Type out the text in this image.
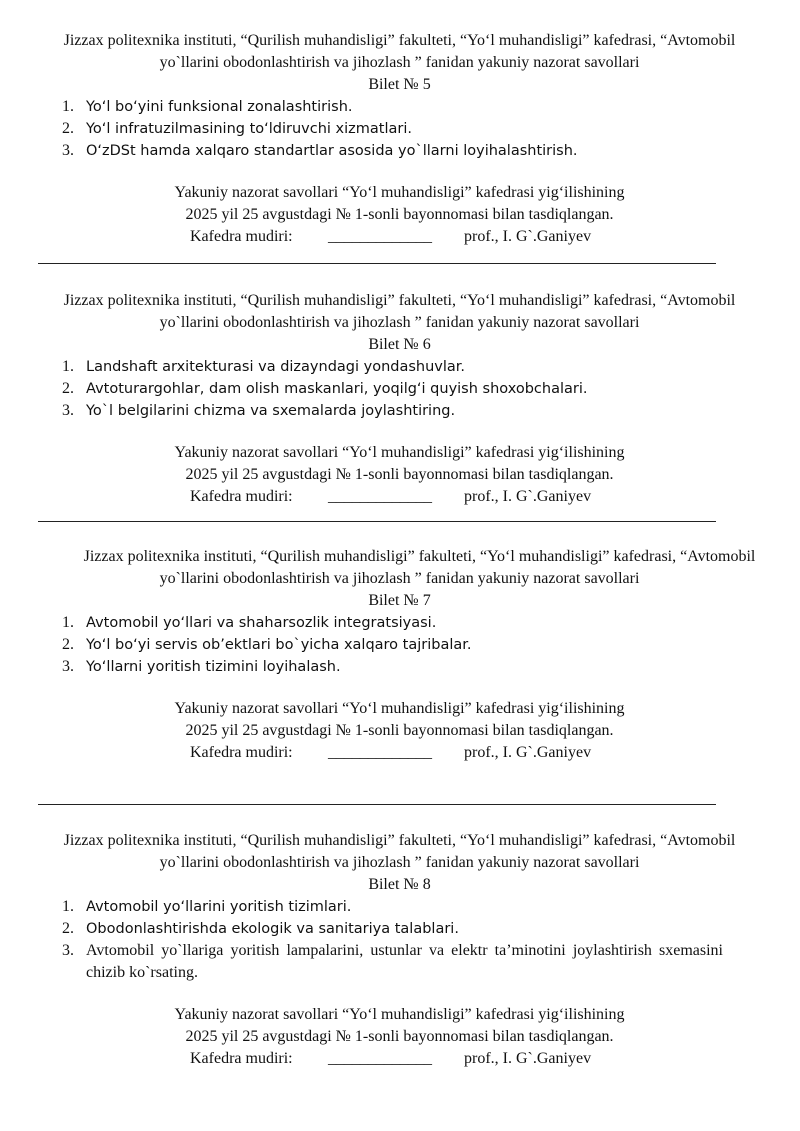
Jizzax politexnika instituti, “Qurilish muhandisligi” fakulteti, “Yo‘l muhandisligi” kafedrasi, “Avtomobil yo`llarini obodonlashtirish va jihozlash ” fanidan yakuniy nazorat savollari

Bilet № 5
1. Yo‘l bo‘yini funksional zonalashtirish.
2. Yo‘l infratuzilmasining to‘ldiruvchi xizmatlari.
3. O‘zDSt hamda xalqaro standartlar asosida yo`llarni loyihalashtirish.
Yakuniy nazorat savollari “Yo‘l muhandisligi” kafedrasi yig‘ilishining
2025 yil 25 avgustdagi № 1-sonli bayonnomasi bilan tasdiqlangan.
Kafedra mudiri: _____________ prof., I. G`.Ganiyev

Jizzax politexnika instituti, “Qurilish muhandisligi” fakulteti, “Yo‘l muhandisligi” kafedrasi, “Avtomobil yo`llarini obodonlashtirish va jihozlash ” fanidan yakuniy nazorat savollari

Bilet № 6
1. Landshaft arxitekturasi va dizayndagi yondashuvlar.
2. Avtoturargohlar, dam olish maskanlari, yoqilg‘i quyish shoxobchalari.
3. Yo`l belgilarini chizma va sxemalarda joylashtiring.
Yakuniy nazorat savollari “Yo‘l muhandisligi” kafedrasi yig‘ilishining
2025 yil 25 avgustdagi № 1-sonli bayonnomasi bilan tasdiqlangan.
Kafedra mudiri: _____________ prof., I. G`.Ganiyev

Jizzax politexnika instituti, “Qurilish muhandisligi” fakulteti, “Yo‘l muhandisligi” kafedrasi, “Avtomobil yo`llarini obodonlashtirish va jihozlash ” fanidan yakuniy nazorat savollari

Bilet № 7
1. Avtomobil yo‘llari va shaharsozlik integratsiyasi.
2. Yo‘l bo‘yi servis ob’ektlari bo`yicha xalqaro tajribalar.
3. Yo‘llarni yoritish tizimini loyihalash.
Yakuniy nazorat savollari “Yo‘l muhandisligi” kafedrasi yig‘ilishining
2025 yil 25 avgustdagi № 1-sonli bayonnomasi bilan tasdiqlangan.
Kafedra mudiri: _____________ prof., I. G`.Ganiyev

Jizzax politexnika instituti, “Qurilish muhandisligi” fakulteti, “Yo‘l muhandisligi” kafedrasi, “Avtomobil yo`llarini obodonlashtirish va jihozlash ” fanidan yakuniy nazorat savollari

Bilet № 8
1. Avtomobil yo‘llarini yoritish tizimlari.
2. Obodonlashtirishda ekologik va sanitariya talablari.
3. Avtomobil yo`llariga yoritish lampalarini, ustunlar va elektr ta’minotini joylashtirish sxemasini chizib ko`rsating.
Yakuniy nazorat savollari “Yo‘l muhandisligi” kafedrasi yig‘ilishining
2025 yil 25 avgustdagi № 1-sonli bayonnomasi bilan tasdiqlangan.
Kafedra mudiri: _____________ prof., I. G`.Ganiyev
